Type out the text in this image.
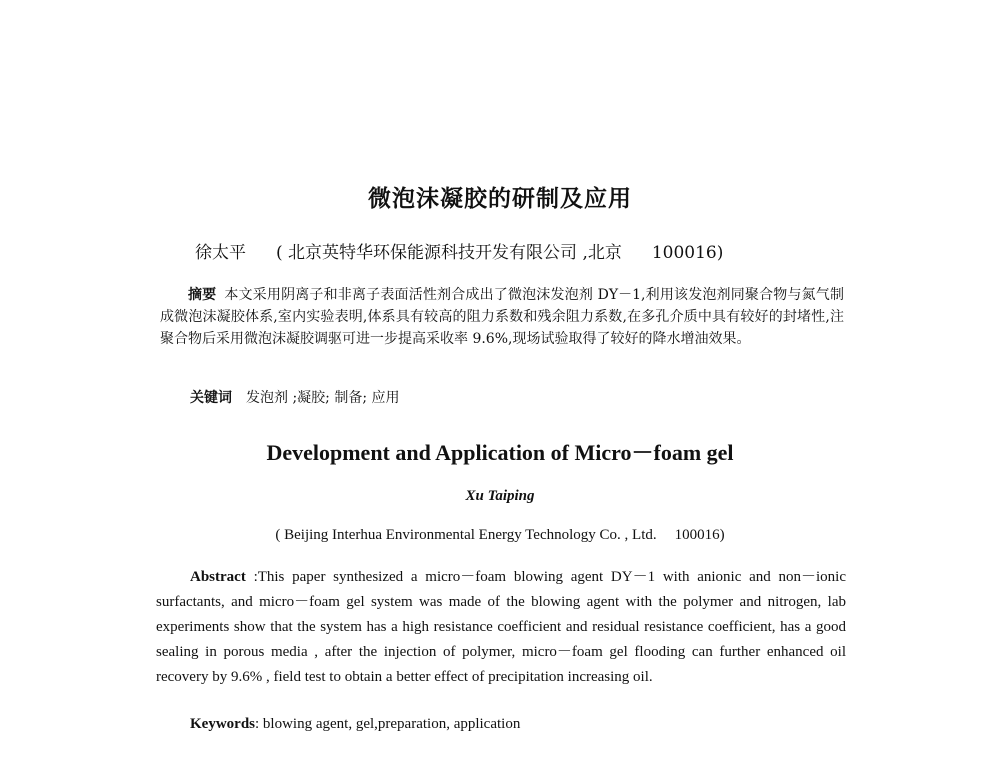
微泡沫凝胶的研制及应用
徐太平 ( 北京英特华环保能源科技开发有限公司 ,北京 100016)
摘要 本文采用阴离子和非离子表面活性剂合成出了微泡沫发泡剂 DY－1,利用该发泡剂同聚合物与氮气制成微泡沫凝胶体系,室内实验表明,体系具有较高的阻力系数和残余阻力系数,在多孔介质中具有较好的封堵性,注聚合物后采用微泡沫凝胶调驱可进一步提高采收率 9.6%,现场试验取得了较好的降水增油效果。
关键词 发泡剂 ;凝胶; 制备; 应用
Development and Application of Micro－foam gel
Xu Taiping
( Beijing Interhua Environmental Energy Technology Co. , Ltd. 100016)
Abstract :This paper synthesized a micro－foam blowing agent DY－1 with anionic and non－ionic surfactants, and micro－foam gel system was made of the blowing agent with the polymer and nitrogen, lab experiments show that the system has a high resistance coefficient and residual resistance coefficient, has a good sealing in porous media , after the injection of polymer, micro－foam gel flooding can further enhanced oil recovery by 9.6% , field test to obtain a better effect of precipitation increasing oil.
Keywords: blowing agent, gel,preparation, application
